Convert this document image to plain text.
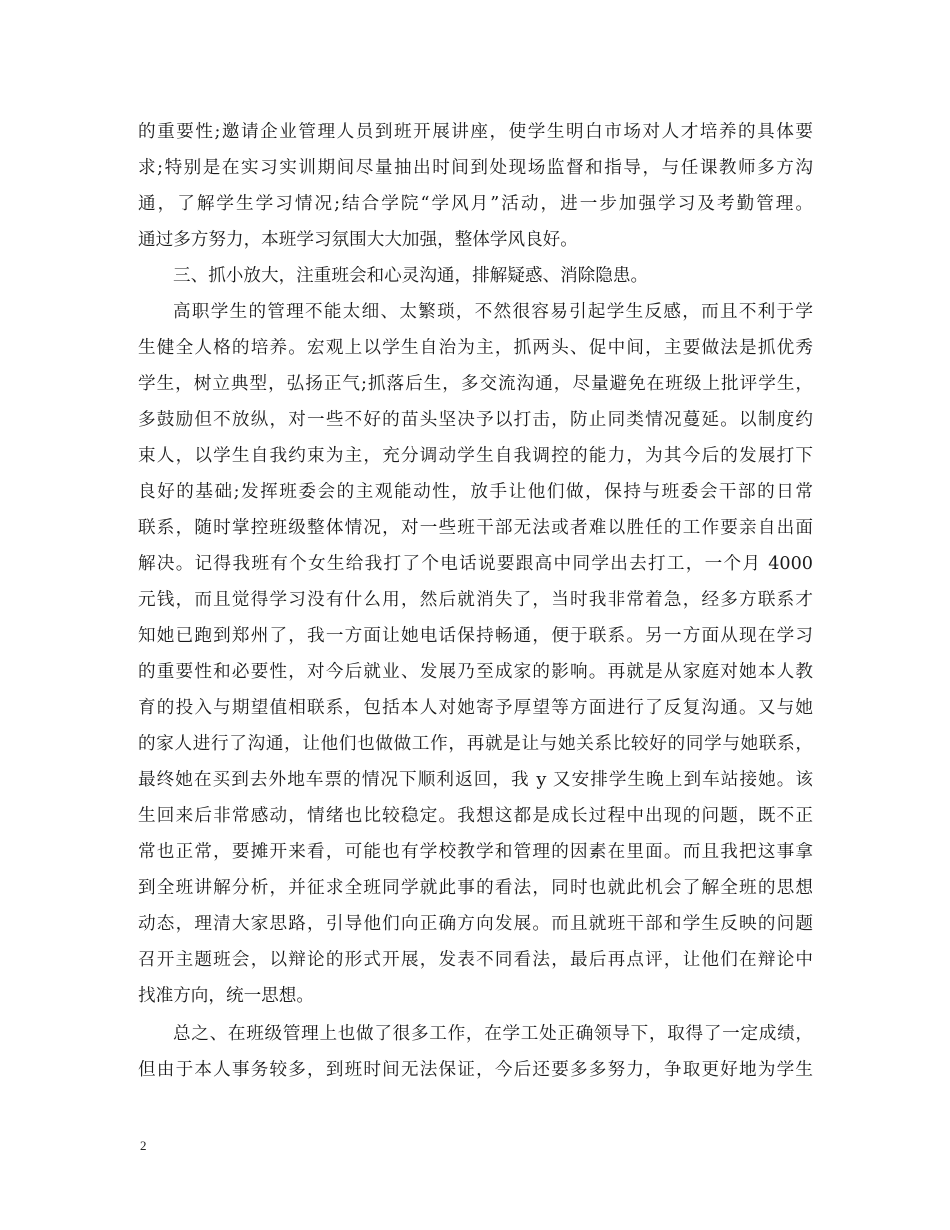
的重要性;邀请企业管理人员到班开展讲座，使学生明白市场对人才培养的具体要
求;特别是在实习实训期间尽量抽出时间到处现场监督和指导，与任课教师多方沟
通，了解学生学习情况;结合学院“学风月”活动，进一步加强学习及考勤管理。
通过多方努力，本班学习氛围大大加强，整体学风良好。
三、抓小放大，注重班会和心灵沟通，排解疑惑、消除隐患。
高职学生的管理不能太细、太繁琐，不然很容易引起学生反感，而且不利于学
生健全人格的培养。宏观上以学生自治为主，抓两头、促中间，主要做法是抓优秀
学生，树立典型，弘扬正气;抓落后生，多交流沟通，尽量避免在班级上批评学生，
多鼓励但不放纵，对一些不好的苗头坚决予以打击，防止同类情况蔓延。以制度约
束人，以学生自我约束为主，充分调动学生自我调控的能力，为其今后的发展打下
良好的基础;发挥班委会的主观能动性，放手让他们做，保持与班委会干部的日常
联系，随时掌控班级整体情况，对一些班干部无法或者难以胜任的工作要亲自出面
解决。记得我班有个女生给我打了个电话说要跟高中同学出去打工，一个月 4000
元钱，而且觉得学习没有什么用，然后就消失了，当时我非常着急，经多方联系才
知她已跑到郑州了，我一方面让她电话保持畅通，便于联系。另一方面从现在学习
的重要性和必要性，对今后就业、发展乃至成家的影响。再就是从家庭对她本人教
育的投入与期望值相联系，包括本人对她寄予厚望等方面进行了反复沟通。又与她
的家人进行了沟通，让他们也做做工作，再就是让与她关系比较好的同学与她联系，
最终她在买到去外地车票的情况下顺利返回，我 y 又安排学生晚上到车站接她。该
生回来后非常感动，情绪也比较稳定。我想这都是成长过程中出现的问题，既不正
常也正常，要摊开来看，可能也有学校教学和管理的因素在里面。而且我把这事拿
到全班讲解分析，并征求全班同学就此事的看法，同时也就此机会了解全班的思想
动态，理清大家思路，引导他们向正确方向发展。而且就班干部和学生反映的问题
召开主题班会，以辩论的形式开展，发表不同看法，最后再点评，让他们在辩论中
找准方向，统一思想。
总之、在班级管理上也做了很多工作，在学工处正确领导下，取得了一定成绩，
但由于本人事务较多，到班时间无法保证，今后还要多多努力，争取更好地为学生
2
